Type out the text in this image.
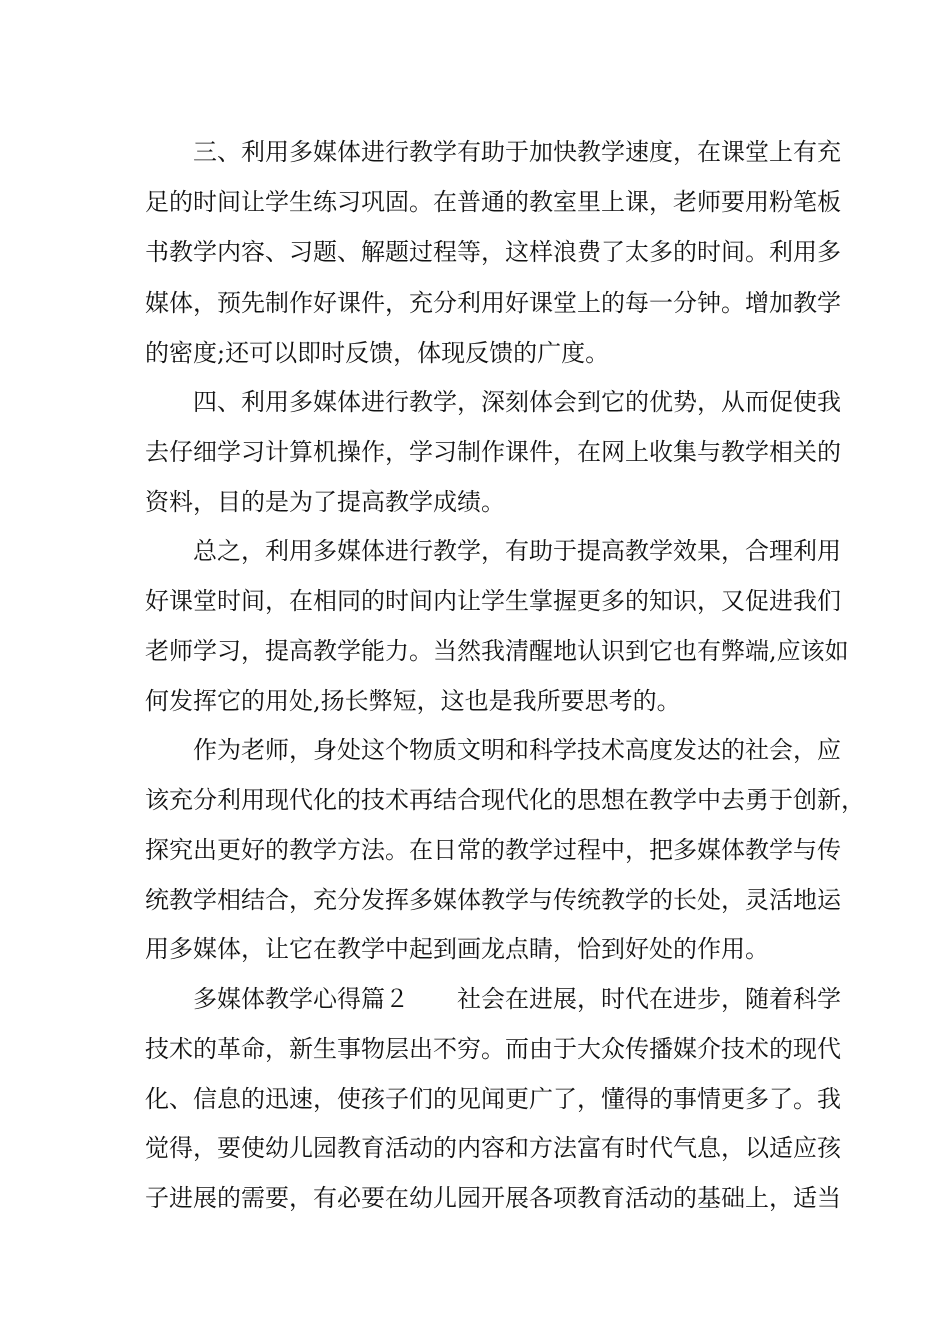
　　三、利用多媒体进行教学有助于加快教学速度，在课堂上有充

足的时间让学生练习巩固。在普通的教室里上课，老师要用粉笔板

书教学内容、习题、解题过程等，这样浪费了太多的时间。利用多

媒体，预先制作好课件，充分利用好课堂上的每一分钟。增加教学

的密度;还可以即时反馈，体现反馈的广度。

　　四、利用多媒体进行教学，深刻体会到它的优势，从而促使我

去仔细学习计算机操作，学习制作课件，在网上收集与教学相关的

资料，目的是为了提高教学成绩。

　　总之，利用多媒体进行教学，有助于提高教学效果，合理利用

好课堂时间，在相同的时间内让学生掌握更多的知识，又促进我们

老师学习，提高教学能力。当然我清醒地认识到它也有弊端,应该如

何发挥它的用处,扬长弊短，这也是我所要思考的。

　　作为老师，身处这个物质文明和科学技术高度发达的社会，应

该充分利用现代化的技术再结合现代化的思想在教学中去勇于创新，

探究出更好的教学方法。在日常的教学过程中，把多媒体教学与传

统教学相结合，充分发挥多媒体教学与传统教学的长处，灵活地运

用多媒体，让它在教学中起到画龙点睛，恰到好处的作用。

　　多媒体教学心得篇２　　社会在进展，时代在进步，随着科学

技术的革命，新生事物层出不穷。而由于大众传播媒介技术的现代

化、信息的迅速，使孩子们的见闻更广了，懂得的事情更多了。我

觉得，要使幼儿园教育活动的内容和方法富有时代气息，以适应孩

子进展的需要，有必要在幼儿园开展各项教育活动的基础上，适当
